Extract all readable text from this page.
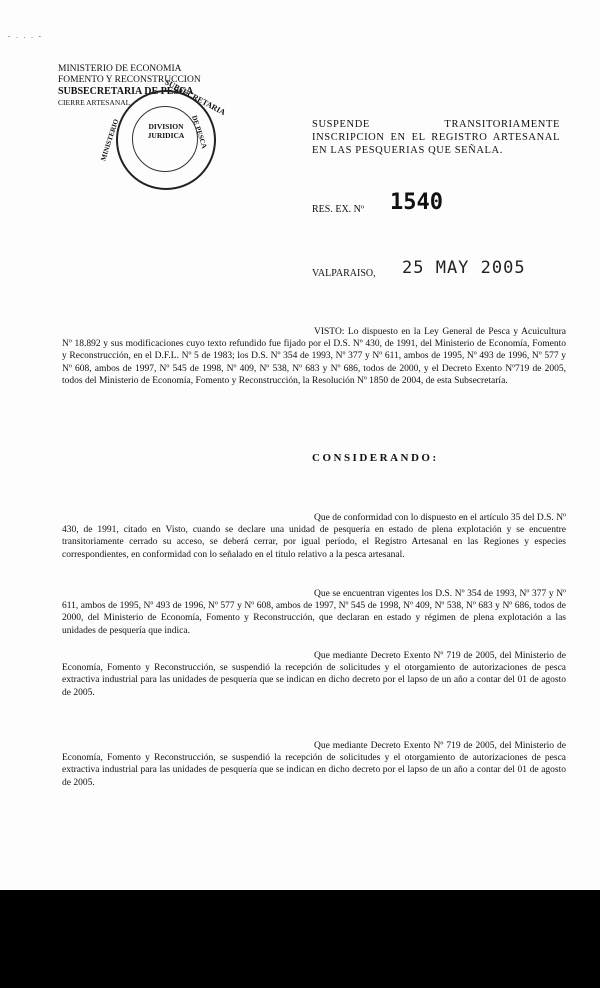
- . . . -
MINISTERIO DE ECONOMIA
FOMENTO Y RECONSTRUCCION
SUBSECRETARIA DE PESCA
CIERRE ARTESANAL	SUBSECRETARIA
DE PESCA
MINISTERIO	DIVISION
JURIDICA
SUSPENDE TRANSITORIAMENTE INSCRIPCION EN EL REGISTRO ARTESANAL EN LAS PESQUERIAS QUE SEÑALA.
RES. EX. Nº 1540
VALPARAISO, 25 MAY 2005
VISTO: Lo dispuesto en la Ley General de Pesca y Acuicultura Nº 18.892 y sus modificaciones cuyo texto refundido fue fijado por el D.S. Nº 430, de 1991, del Ministerio de Economía, Fomento y Reconstrucción, en el D.F.L. Nº 5 de 1983; los D.S. Nº 354 de 1993, Nº 377 y Nº 611, ambos de 1995, Nº 493 de 1996, Nº 577 y Nº 608, ambos de 1997, Nº 545 de 1998, Nº 409, Nº 538, Nº 683 y Nº 686, todos de 2000, y el Decreto Exento Nº719 de 2005, todos del Ministerio de Economía, Fomento y Reconstrucción, la Resolución Nº 1850 de 2004, de esta Subsecretaría.
CONSIDERANDO:
Que de conformidad con lo dispuesto en el artículo 35 del D.S. Nº 430, de 1991, citado en Visto, cuando se declare una unidad de pesquería en estado de plena explotación y se encuentre transitoriamente cerrado su acceso, se deberá cerrar, por igual período, el Registro Artesanal en las Regiones y especies correspondientes, en conformidad con lo señalado en el título relativo a la pesca artesanal.
Que se encuentran vigentes los D.S. Nº 354 de 1993, Nº 377 y Nº 611, ambos de 1995, Nº 493 de 1996, Nº 577 y Nº 608, ambos de 1997, Nº 545 de 1998, Nº 409, Nº 538, Nº 683 y Nº 686, todos de 2000, del Ministerio de Economía, Fomento y Reconstrucción, que declaran en estado y régimen de plena explotación a las unidades de pesquería que indica.
Que mediante Decreto Exento Nº 719 de 2005, del Ministerio de Economía, Fomento y Reconstrucción, se suspendió la recepción de solicitudes y el otorgamiento de autorizaciones de pesca extractiva industrial para las unidades de pesquería que se indican en dicho decreto por el lapso de un año a contar del 01 de agosto de 2005.
Que mediante Decreto Exento Nº 719 de 2005, del Ministerio de Economía, Fomento y Reconstrucción, se suspendió la recepción de solicitudes y el otorgamiento de autorizaciones de pesca extractiva industrial para las unidades de pesquería que se indican en dicho decreto por el lapso de un año a contar del 01 de agosto de 2005.
